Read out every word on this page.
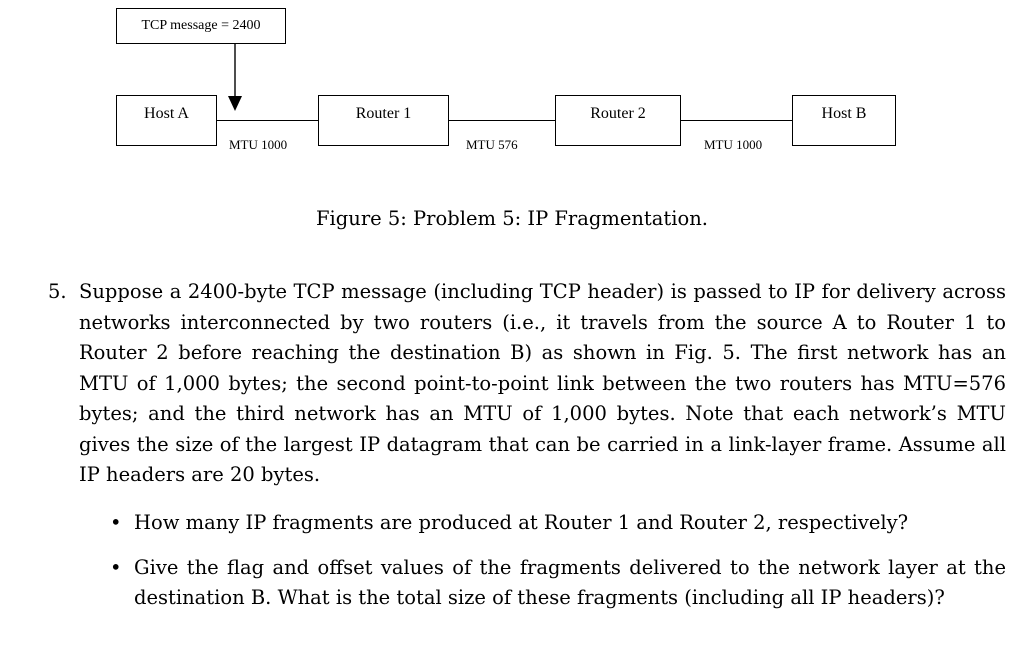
TCP message = 2400
Host A	Router 1	Router 2	Host B
MTU 1000	MTU 576	MTU 1000
Figure 5: Problem 5: IP Fragmentation.
5. Suppose a 2400-byte TCP message (including TCP header) is passed to IP for delivery across networks interconnected by two routers (i.e., it travels from the source A to Router 1 to Router 2 before reaching the destination B) as shown in Fig. 5. The first network has an MTU of 1,000 bytes; the second point-to-point link between the two routers has MTU=576 bytes; and the third network has an MTU of 1,000 bytes. Note that each network’s MTU gives the size of the largest IP datagram that can be carried in a link-layer frame. Assume all IP headers are 20 bytes.
• How many IP fragments are produced at Router 1 and Router 2, respectively?
• Give the flag and offset values of the fragments delivered to the network layer at the destination B. What is the total size of these fragments (including all IP headers)?
